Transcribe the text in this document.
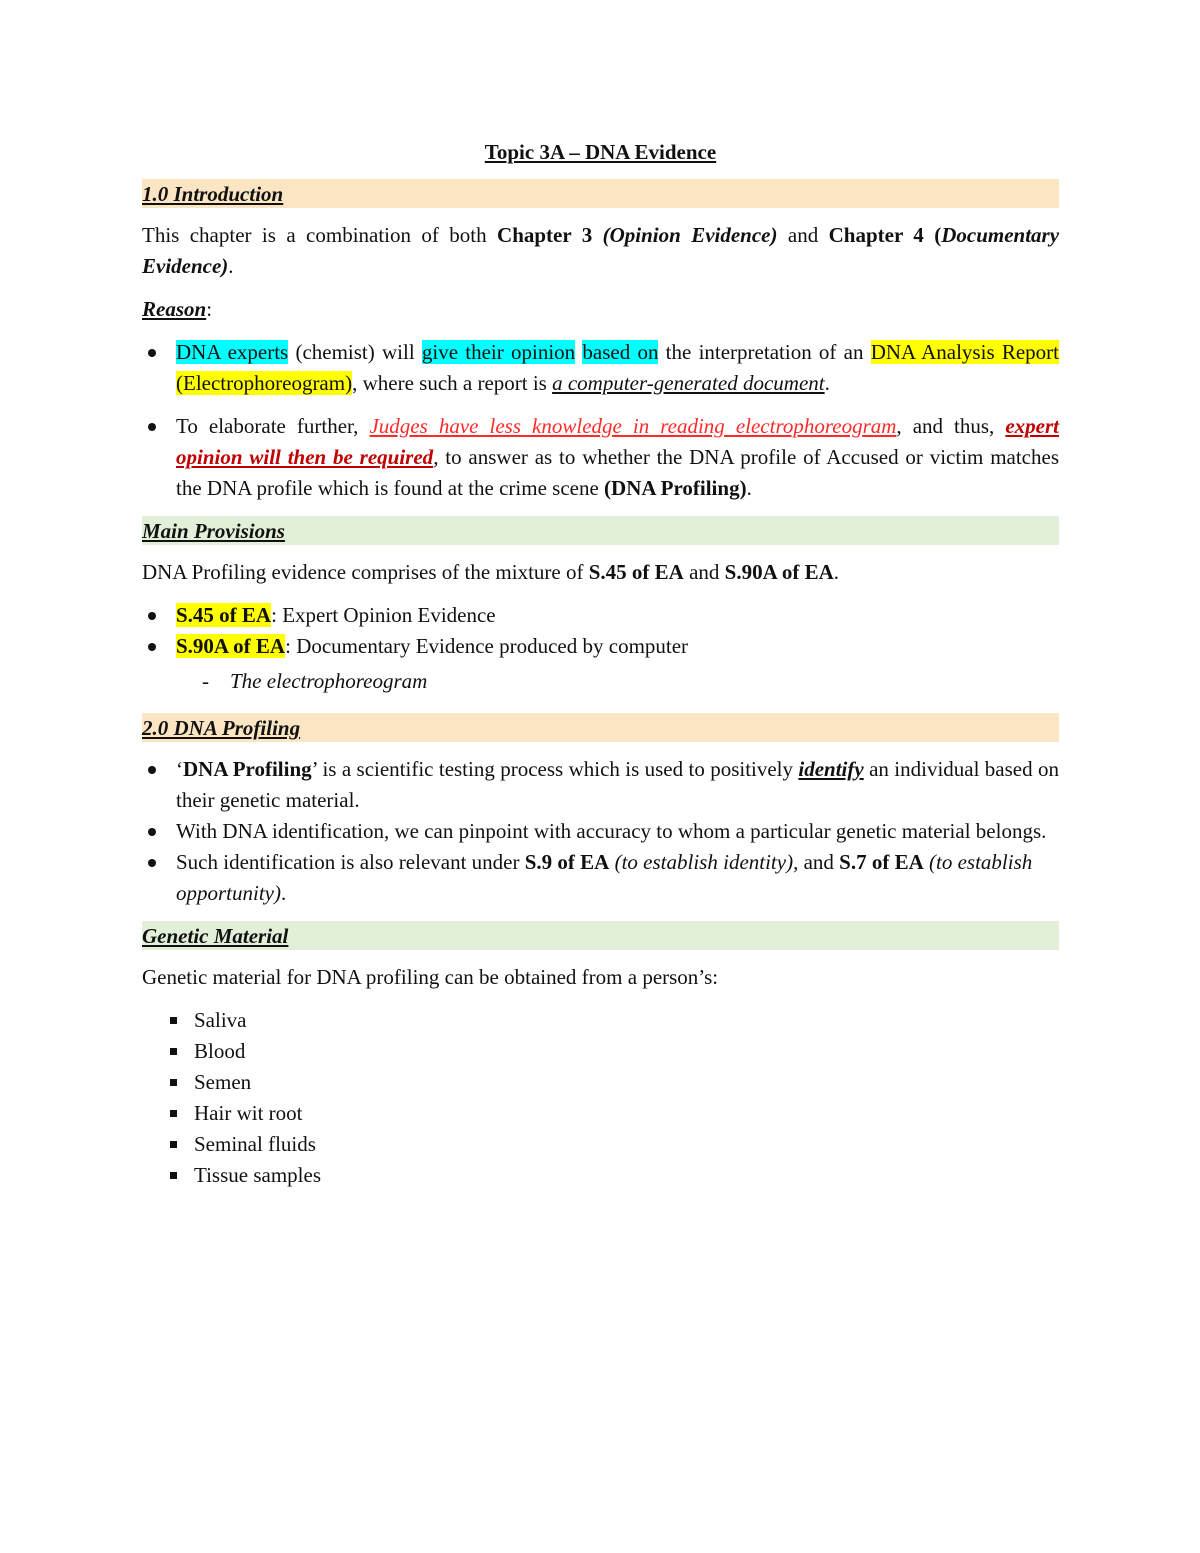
Topic 3A – DNA Evidence
1.0 Introduction

This chapter is a combination of both Chapter 3 (Opinion Evidence) and Chapter 4 (Documentary Evidence).

Reason:

DNA experts (chemist) will give their opinion based on the interpretation of an DNA Analysis Report (Electrophoreogram), where such a report is a computer-generated document.
To elaborate further, Judges have less knowledge in reading electrophoreogram, and thus, expert opinion will then be required, to answer as to whether the DNA profile of Accused or victim matches the DNA profile which is found at the crime scene (DNA Profiling).
Main Provisions

DNA Profiling evidence comprises of the mixture of S.45 of EA and S.90A of EA.

S.45 of EA: Expert Opinion Evidence
S.90A of EA: Documentary Evidence produced by computer
- The electrophoreogram
2.0 DNA Profiling
‘DNA Profiling’ is a scientific testing process which is used to positively identify an individual based on their genetic material.
With DNA identification, we can pinpoint with accuracy to whom a particular genetic material belongs.
Such identification is also relevant under S.9 of EA (to establish identity), and S.7 of EA (to establish opportunity).
Genetic Material

Genetic material for DNA profiling can be obtained from a person’s:

Saliva
Blood
Semen
Hair wit root
Seminal fluids
Tissue samples
